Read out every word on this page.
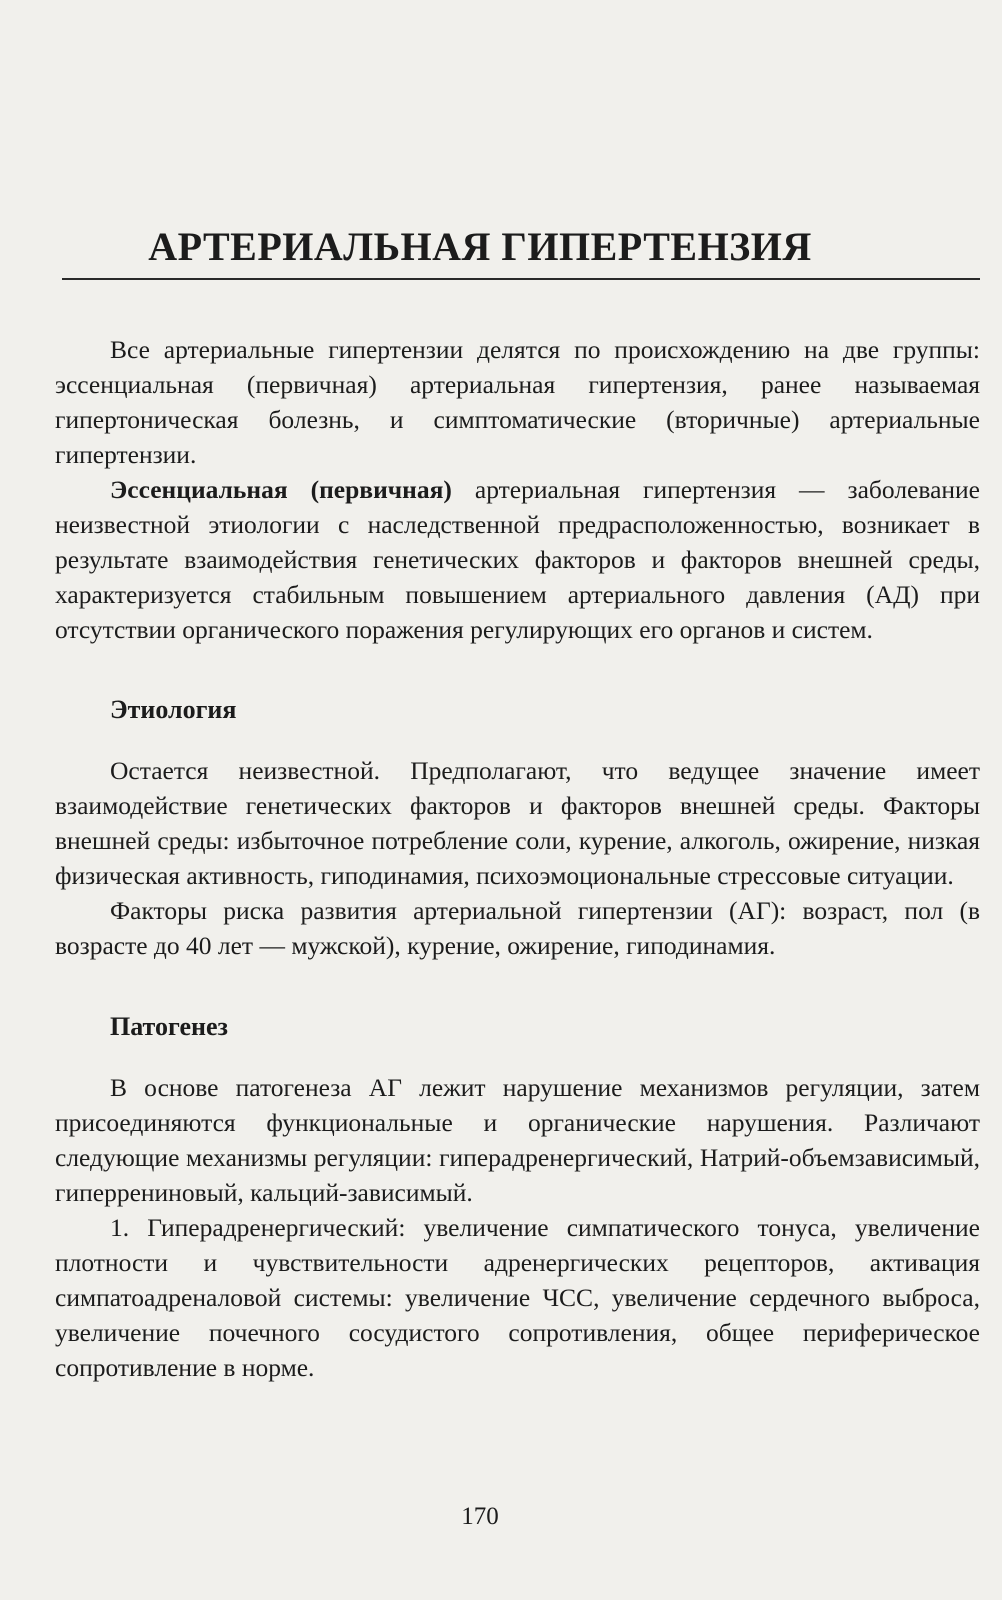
АРТЕРИАЛЬНАЯ ГИПЕРТЕНЗИЯ

Все артериальные гипертензии делятся по происхождению на две группы: эссенциальная (первичная) артериальная гипертензия, ранее называемая гипертоническая болезнь, и симптоматические (вторичные) артериальные гипертензии.

Эссенциальная (первичная) артериальная гипертензия — заболевание неизвестной этиологии с наследственной предрасположенностью, возникает в результате взаимодействия генетических факторов и факторов внешней среды, характеризуется стабильным повышением артериального давления (АД) при отсутствии органического поражения регулирующих его органов и систем.

Этиология

Остается неизвестной. Предполагают, что ведущее значение имеет взаимодействие генетических факторов и факторов внешней среды. Факторы внешней среды: избыточное потребление соли, курение, алкоголь, ожирение, низкая физическая активность, гиподинамия, психоэмоциональные стрессовые ситуации.

Факторы риска развития артериальной гипертензии (АГ): возраст, пол (в возрасте до 40 лет — мужской), курение, ожирение, гиподинамия.

Патогенез

В основе патогенеза АГ лежит нарушение механизмов регуляции, затем присоединяются функциональные и органические нарушения. Различают следующие механизмы регуляции: гиперадренергический, Натрий-объемзависимый, гиперрениновый, кальций-зависимый.

1. Гиперадренергический: увеличение симпатического тонуса, увеличение плотности и чувствительности адренергических рецепторов, активация симпатоадреналовой системы: увеличение ЧСС, увеличение сердечного выброса, увеличение почечного сосудистого сопротивления, общее периферическое сопротивление в норме.

170
